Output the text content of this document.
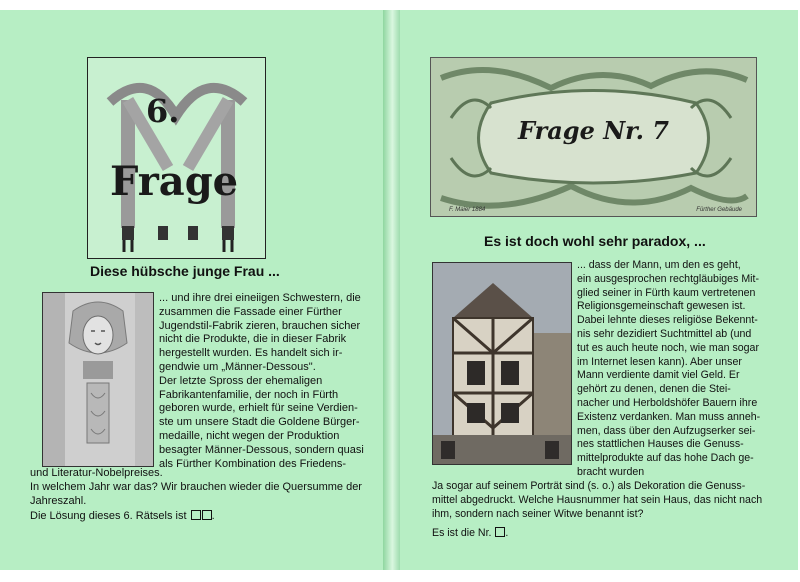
6.
Frage
Diese hübsche junge Frau ...
... und ihre drei eineiigen Schwestern, die
zusammen die Fassade einer Fürther
Jugendstil-Fabrik zieren, brauchen sicher
nicht die Produkte, die in dieser Fabrik
hergestellt wurden. Es handelt sich ir-
gendwie um „Männer-Dessous".
Der letzte Spross der ehemaligen
Fabrikantenfamilie, der noch in Fürth
geboren wurde, erhielt für seine Verdien-
ste um unsere Stadt die Goldene Bürger-
medaille, nicht wegen der Produktion
besagter Männer-Dessous, sondern quasi
als Fürther Kombination des Friedens-
und Literatur-Nobelpreises.
In welchem Jahr war das? Wir brauchen wieder die Quersumme der
Jahreszahl.
Die Lösung dieses 6. Rätsels ist .
Frage Nr. 7
F. Maier 1884	Fürther Gebäude
Es ist doch wohl sehr paradox, ...
... dass der Mann, um den es geht,
ein ausgesprochen rechtgläubiges Mit-
glied seiner in Fürth kaum vertretenen
Religionsgemeinschaft gewesen ist.
Dabei lehnte dieses religiöse Bekennt-
nis sehr dezidiert Suchtmittel ab (und
tut es auch heute noch, wie man sogar
im Internet lesen kann). Aber unser
Mann verdiente damit viel Geld. Er
gehört zu denen, denen die Stei-
nacher und Herboldshöfer Bauern ihre
Existenz verdanken. Man muss anneh-
men, dass über den Aufzugserker sei-
nes stattlichen Hauses die Genuss-
mittelprodukte auf das hohe Dach ge-
bracht wurden
Ja sogar auf seinem Porträt sind (s. o.) als Dekoration die Genuss-
mittel abgedruckt. Welche Hausnummer hat sein Haus, das nicht nach
ihm, sondern nach seiner Witwe benannt ist?
Es ist die Nr. .
